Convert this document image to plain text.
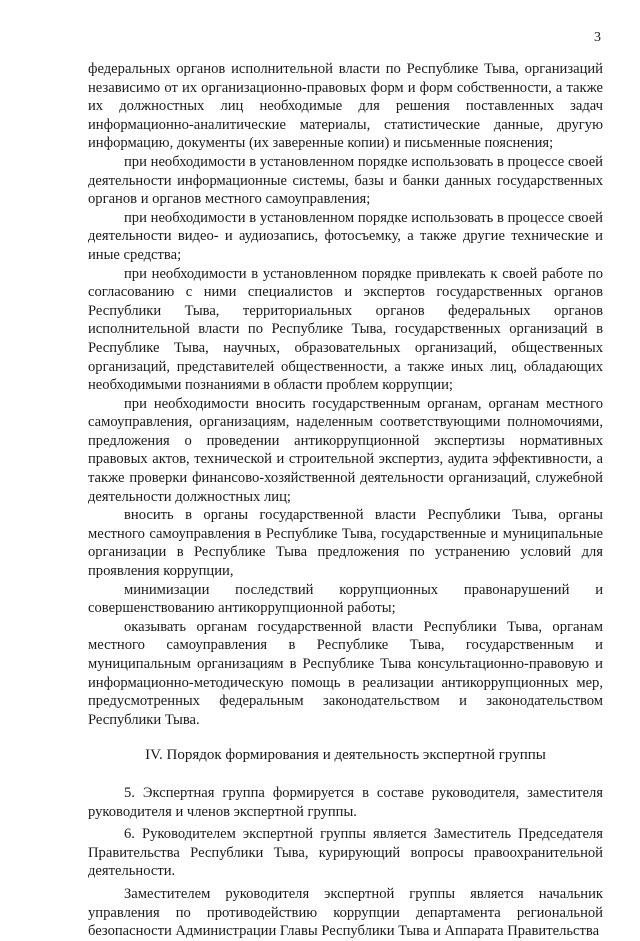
3

федеральных органов исполнительной власти по Республике Тыва, организаций независимо от их организационно-правовых форм и форм собственности, а также их должностных лиц необходимые для решения поставленных задач информационно-аналитические материалы, статистические данные, другую информацию, документы (их заверенные копии) и письменные пояснения;

при необходимости в установленном порядке использовать в процессе своей деятельности информационные системы, базы и банки данных государственных органов и органов местного самоуправления;

при необходимости в установленном порядке использовать в процессе своей деятельности видео- и аудиозапись, фотосъемку, а также другие технические и иные средства;

при необходимости в установленном порядке привлекать к своей работе по согласованию с ними специалистов и экспертов государственных органов Республики Тыва, территориальных органов федеральных органов исполнительной власти по Республике Тыва, государственных организаций в Республике Тыва, научных, образовательных организаций, общественных организаций, представителей общественности, а также иных лиц, обладающих необходимыми познаниями в области проблем коррупции;

при необходимости вносить государственным органам, органам местного самоуправления, организациям, наделенным соответствующими полномочиями, предложения о проведении антикоррупционной экспертизы нормативных правовых актов, технической и строительной экспертиз, аудита эффективности, а также проверки финансово-хозяйственной деятельности организаций, служебной деятельности должностных лиц;

вносить в органы государственной власти Республики Тыва, органы местного самоуправления в Республике Тыва, государственные и муниципальные организации в Республике Тыва предложения по устранению условий для проявления коррупции,

минимизации последствий коррупционных правонарушений и совершенствованию антикоррупционной работы;

оказывать органам государственной власти Республики Тыва, органам местного самоуправления в Республике Тыва, государственным и муниципальным организациям в Республике Тыва консультационно-правовую и информационно-методическую помощь в реализации антикоррупционных мер, предусмотренных федеральным законодательством и законодательством Республики Тыва.

IV. Порядок формирования и деятельность экспертной группы

5. Экспертная группа формируется в составе руководителя, заместителя руководителя и членов экспертной группы.

6. Руководителем экспертной группы является Заместитель Председателя Правительства Республики Тыва, курирующий вопросы правоохранительной деятельности.

Заместителем руководителя экспертной группы является начальник управления по противодействию коррупции департамента региональной безопасности Администрации Главы Республики Тыва и Аппарата Правительства
